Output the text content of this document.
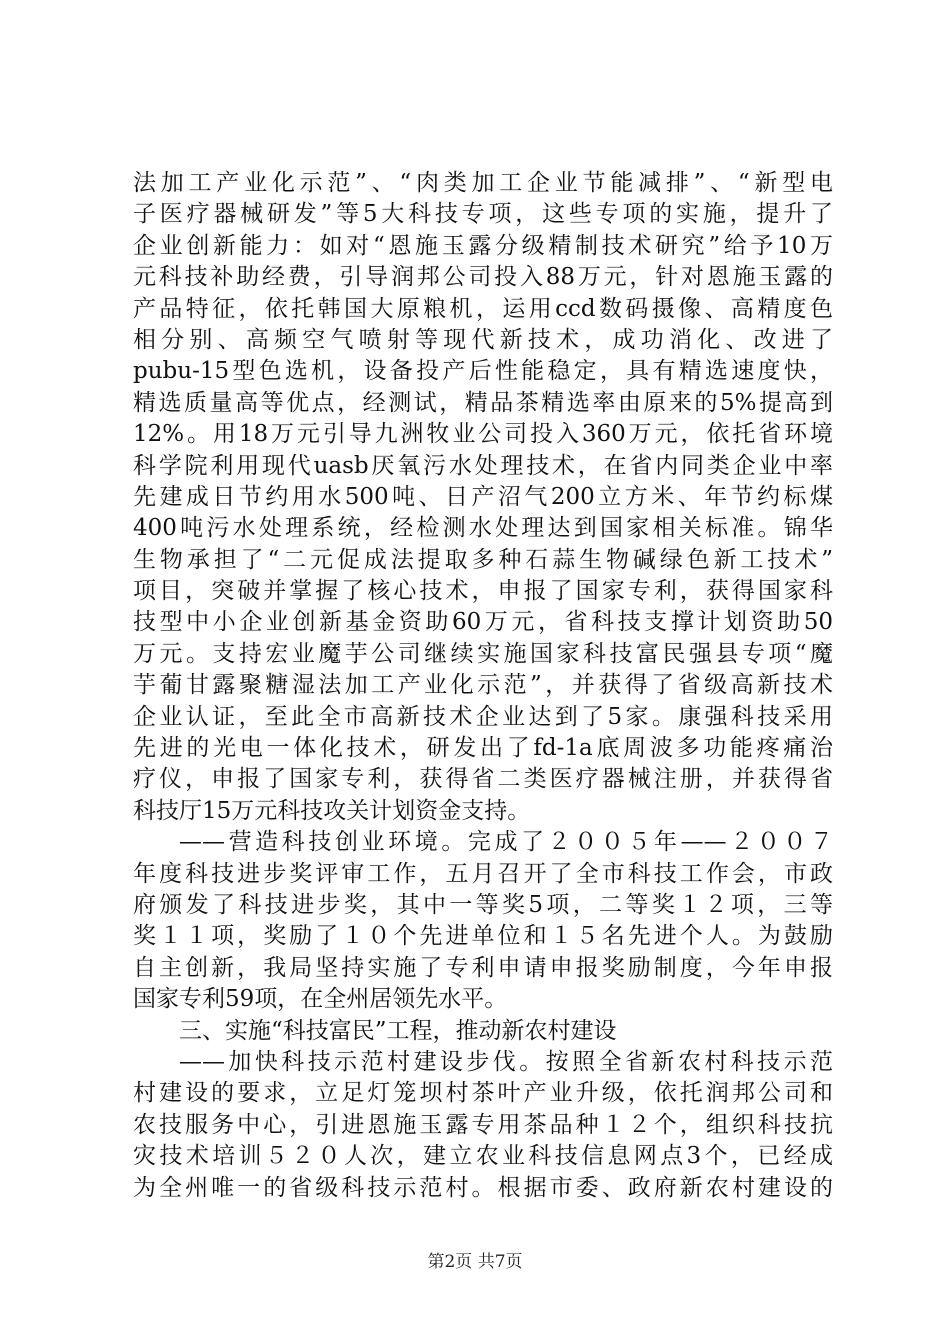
法加工产业化示范”、“肉类加工企业节能减排”、“新型电
子医疗器械研发”等5大科技专项，这些专项的实施，提升了
企业创新能力：如对“恩施玉露分级精制技术研究”给予10万
元科技补助经费，引导润邦公司投入88万元，针对恩施玉露的
产品特征，依托韩国大原粮机，运用ccd数码摄像、高精度色
相分别、高频空气喷射等现代新技术，成功消化、改进了
pubu-15型色选机，设备投产后性能稳定，具有精选速度快，
精选质量高等优点，经测试，精品茶精选率由原来的5%提高到
12%。用18万元引导九洲牧业公司投入360万元，依托省环境
科学院利用现代uasb厌氧污水处理技术，在省内同类企业中率
先建成日节约用水500吨、日产沼气200立方米、年节约标煤
400吨污水处理系统，经检测水处理达到国家相关标准。锦华
生物承担了“二元促成法提取多种石蒜生物碱绿色新工技术”
项目，突破并掌握了核心技术，申报了国家专利，获得国家科
技型中小企业创新基金资助60万元，省科技支撑计划资助50
万元。支持宏业魔芋公司继续实施国家科技富民强县专项“魔
芋葡甘露聚糖湿法加工产业化示范”，并获得了省级高新技术
企业认证，至此全市高新技术企业达到了5家。康强科技采用
先进的光电一体化技术，研发出了fd-1a底周波多功能疼痛治
疗仪，申报了国家专利，获得省二类医疗器械注册，并获得省
科技厅15万元科技攻关计划资金支持。
——营造科技创业环境。完成了２００５年——２００７
年度科技进步奖评审工作，五月召开了全市科技工作会，市政
府颁发了科技进步奖，其中一等奖5项，二等奖１２项，三等
奖１１项，奖励了１０个先进单位和１５名先进个人。为鼓励
自主创新，我局坚持实施了专利申请申报奖励制度，今年申报
国家专利59项，在全州居领先水平。
三、实施“科技富民”工程，推动新农村建设
——加快科技示范村建设步伐。按照全省新农村科技示范
村建设的要求，立足灯笼坝村茶叶产业升级，依托润邦公司和
农技服务中心，引进恩施玉露专用茶品种１２个，组织科技抗
灾技术培训５２０人次，建立农业科技信息网点3个，已经成
为全州唯一的省级科技示范村。根据市委、政府新农村建设的
第2页 共7页
